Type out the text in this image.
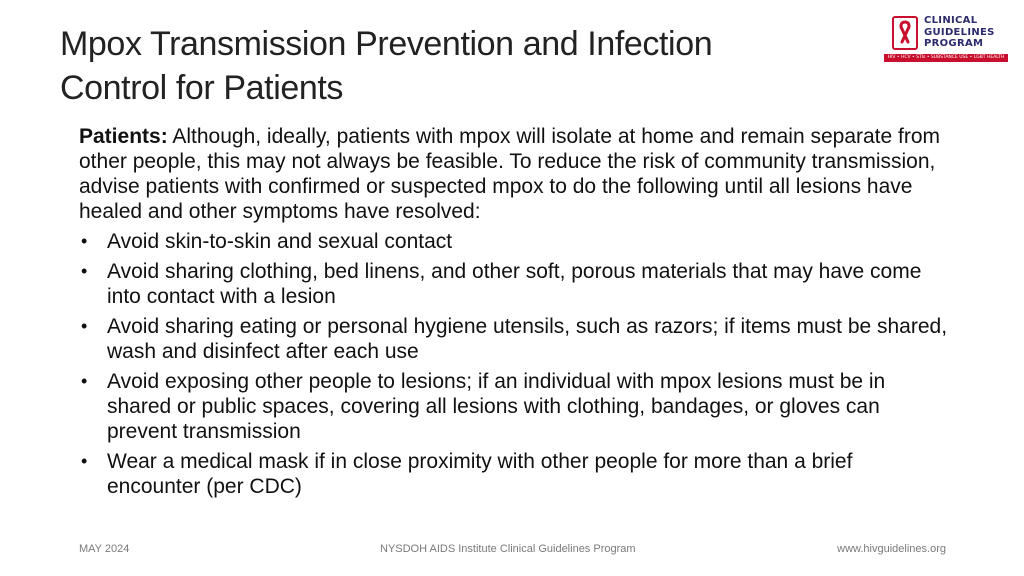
Mpox Transmission Prevention and Infection
Control for Patients
CLINICAL
GUIDELINES
PROGRAM
HIV • HCV • STIs • SUBSTANCE USE • LGBT HEALTH

Patients: Although, ideally, patients with mpox will isolate at home and remain separate from other people, this may not always be feasible. To reduce the risk of community transmission, advise patients with confirmed or suspected mpox to do the following until all lesions have healed and other symptoms have resolved:

• Avoid skin-to-skin and sexual contact
• Avoid sharing clothing, bed linens, and other soft, porous materials that may have come into contact with a lesion
• Avoid sharing eating or personal hygiene utensils, such as razors; if items must be shared, wash and disinfect after each use
• Avoid exposing other people to lesions; if an individual with mpox lesions must be in shared or public spaces, covering all lesions with clothing, bandages, or gloves can prevent transmission
• Wear a medical mask if in close proximity with other people for more than a brief encounter (per CDC)
MAY 2024	NYSDOH AIDS Institute Clinical Guidelines Program	www.hivguidelines.org
